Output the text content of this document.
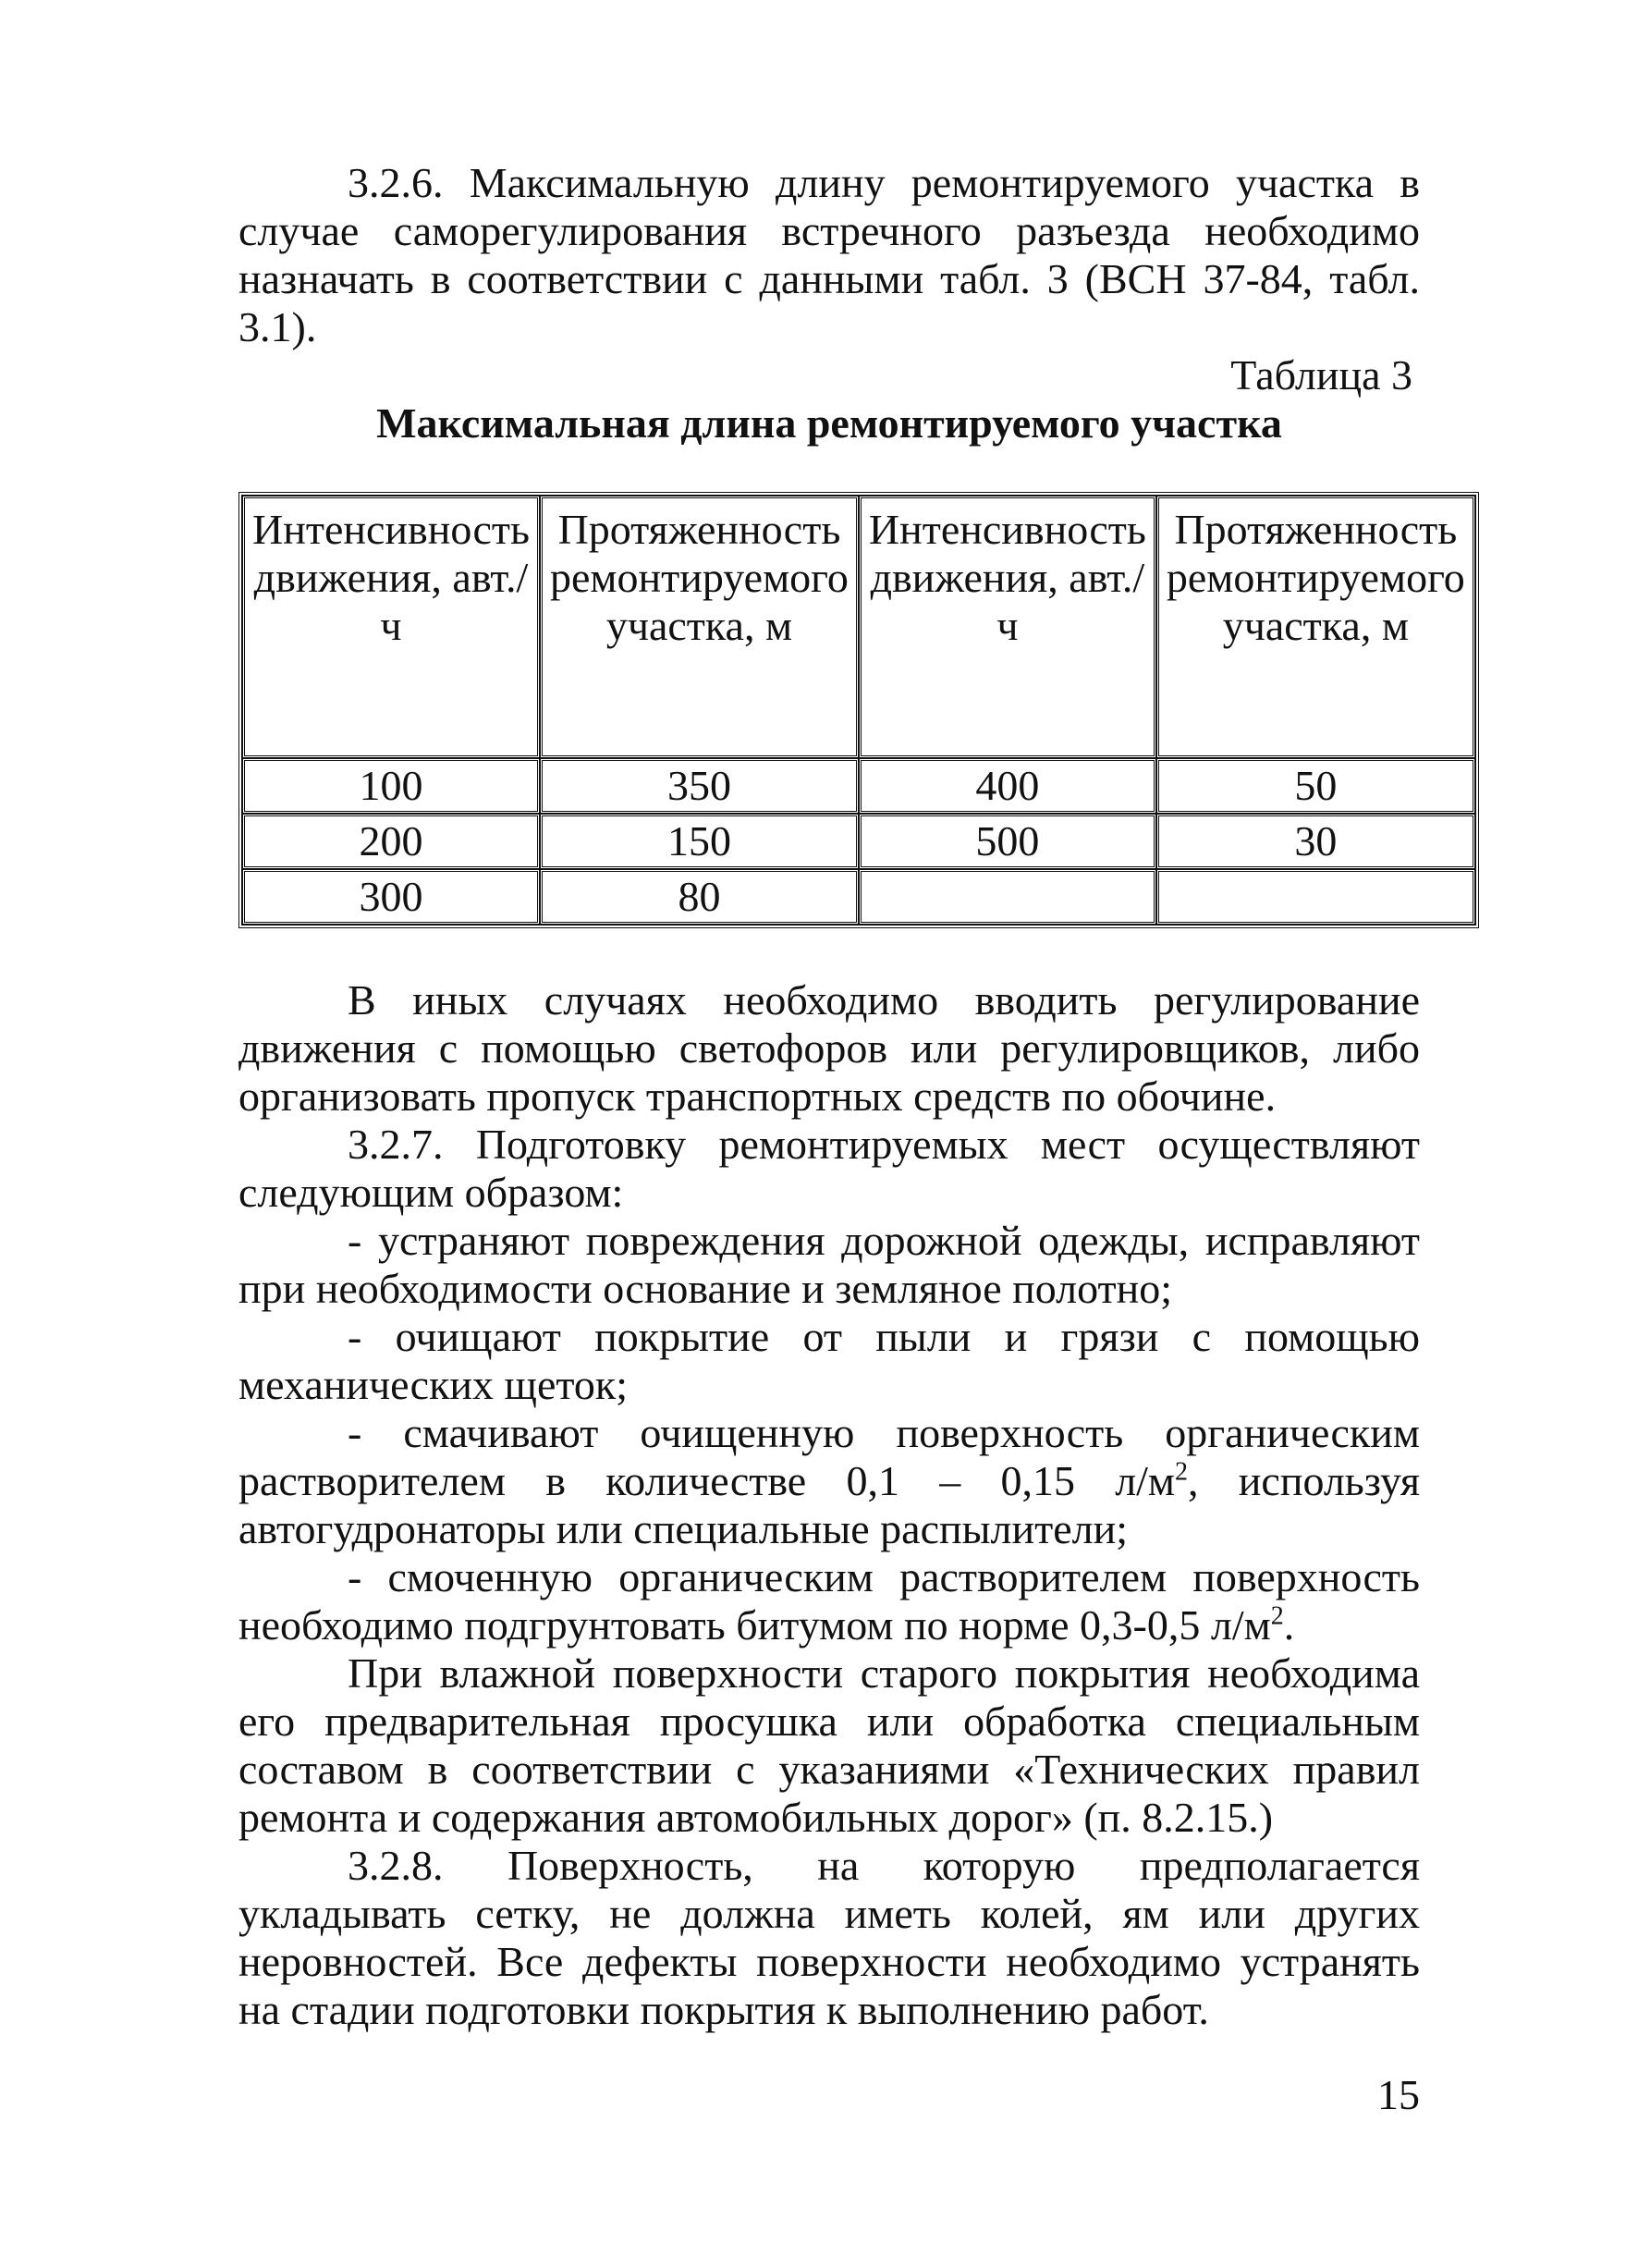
3.2.6. Максимальную длину ремонтируемого участка в случае саморегулирования встречного разъезда необходимо назначать в соответствии с данными табл. 3 (ВСН 37-84, табл. 3.1).

Таблица 3
Максимальная длина ремонтируемого участка
Интенсивность движения, авт./ч	Протяженность ремонтируемого участка, м	Интенсивность движения, авт./ч	Протяженность ремонтируемого участка, м
100	350	400	50
200	150	500	30
300	80		

В иных случаях необходимо вводить регулирование движения с помощью светофоров или регулировщиков, либо организовать пропуск транспортных средств по обочине.

3.2.7. Подготовку ремонтируемых мест осуществляют следующим образом:

- устраняют повреждения дорожной одежды, исправляют при необходимости основание и земляное полотно;

- очищают покрытие от пыли и грязи с помощью механических щеток;

- смачивают очищенную поверхность органическим растворителем в количестве 0,1 – 0,15 $л/м^2$, используя автогудронаторы или специальные распылители;

- смоченную органическим растворителем поверхность необходимо подгрунтовать битумом по норме 0,3-0,5 $л/м^2$.

При влажной поверхности старого покрытия необходима его предварительная просушка или обработка специальным составом в соответствии с указаниями «Технических правил ремонта и содержания автомобильных дорог» (п. 8.2.15.)

3.2.8. Поверхность, на которую предполагается укладывать сетку, не должна иметь колей, ям или других неровностей. Все дефекты поверхности необходимо устранять на стадии подготовки покрытия к выполнению работ.

15
